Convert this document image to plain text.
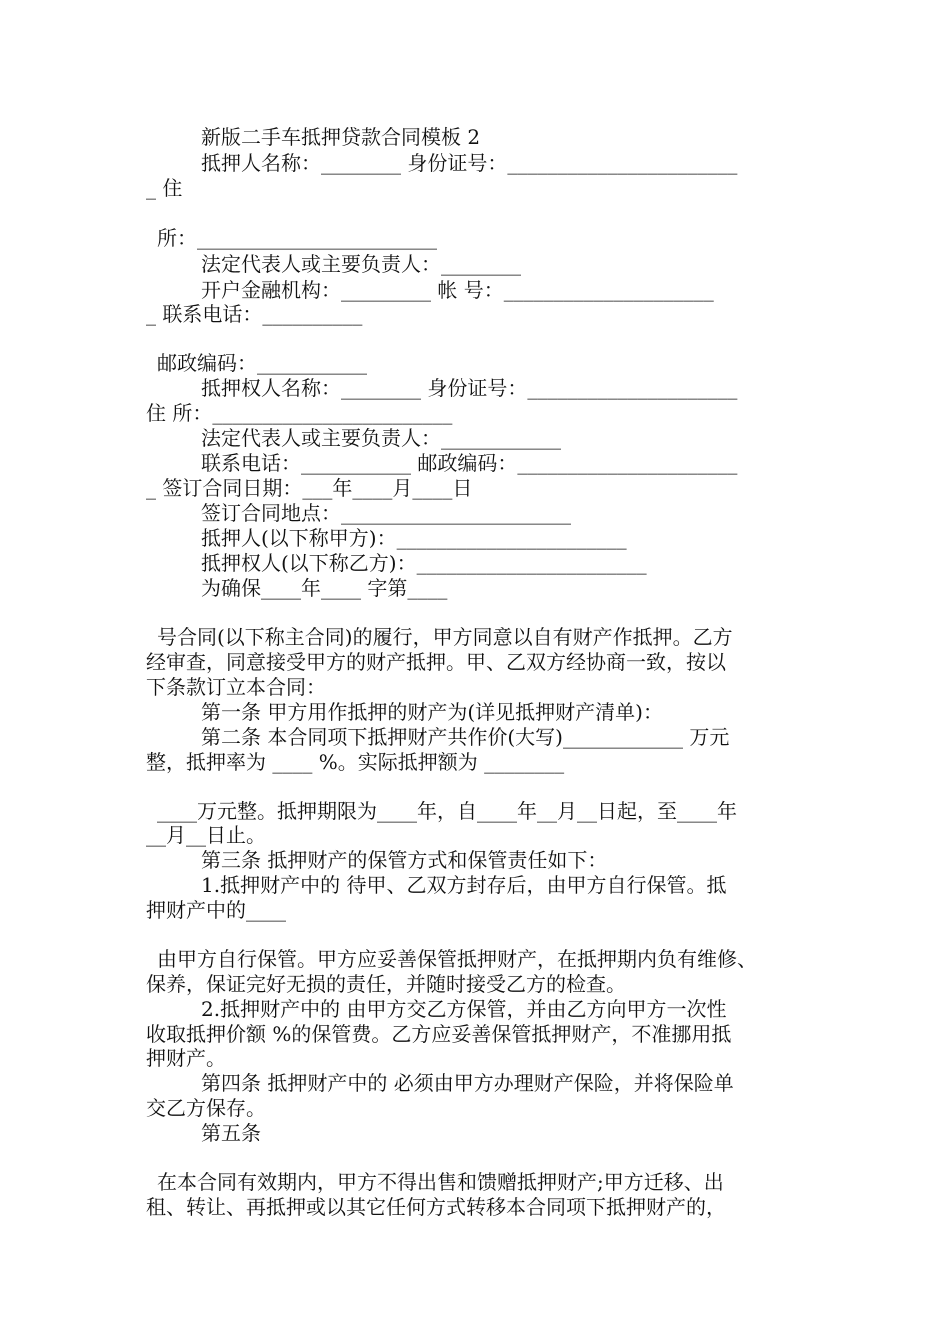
新版二手车抵押贷款合同模板 2
抵押人名称：________ 身份证号：_______________________
_ 住
所：________________________
法定代表人或主要负责人：________
开户金融机构：_________ 帐 号：_____________________
_ 联系电话：__________
邮政编码：___________
抵押权人名称：________ 身份证号：_____________________
住 所：________________________
法定代表人或主要负责人：____________
联系电话：___________ 邮政编码：______________________
_ 签订合同日期：___年____月____日
签订合同地点：_______________________
抵押人(以下称甲方)：_______________________
抵押权人(以下称乙方)：_______________________
为确保____年____ 字第____
号合同(以下称主合同)的履行，甲方同意以自有财产作抵押。乙方
经审查，同意接受甲方的财产抵押。甲、乙双方经协商一致，按以
下条款订立本合同：
第一条 甲方用作抵押的财产为(详见抵押财产清单)：
第二条 本合同项下抵押财产共作价(大写)____________ 万元
整，抵押率为 ____ %。实际抵押额为 ________
____万元整。抵押期限为____年，自____年__月__日起，至____年
__月__日止。
第三条 抵押财产的保管方式和保管责任如下：
1.抵押财产中的 待甲、乙双方封存后，由甲方自行保管。抵
押财产中的____
由甲方自行保管。甲方应妥善保管抵押财产，在抵押期内负有维修、
保养，保证完好无损的责任，并随时接受乙方的检查。
2.抵押财产中的 由甲方交乙方保管，并由乙方向甲方一次性
收取抵押价额 %的保管费。乙方应妥善保管抵押财产，不准挪用抵
押财产。
第四条 抵押财产中的 必须由甲方办理财产保险，并将保险单
交乙方保存。
第五条
在本合同有效期内，甲方不得出售和馈赠抵押财产;甲方迁移、出
租、转让、再抵押或以其它任何方式转移本合同项下抵押财产的，
